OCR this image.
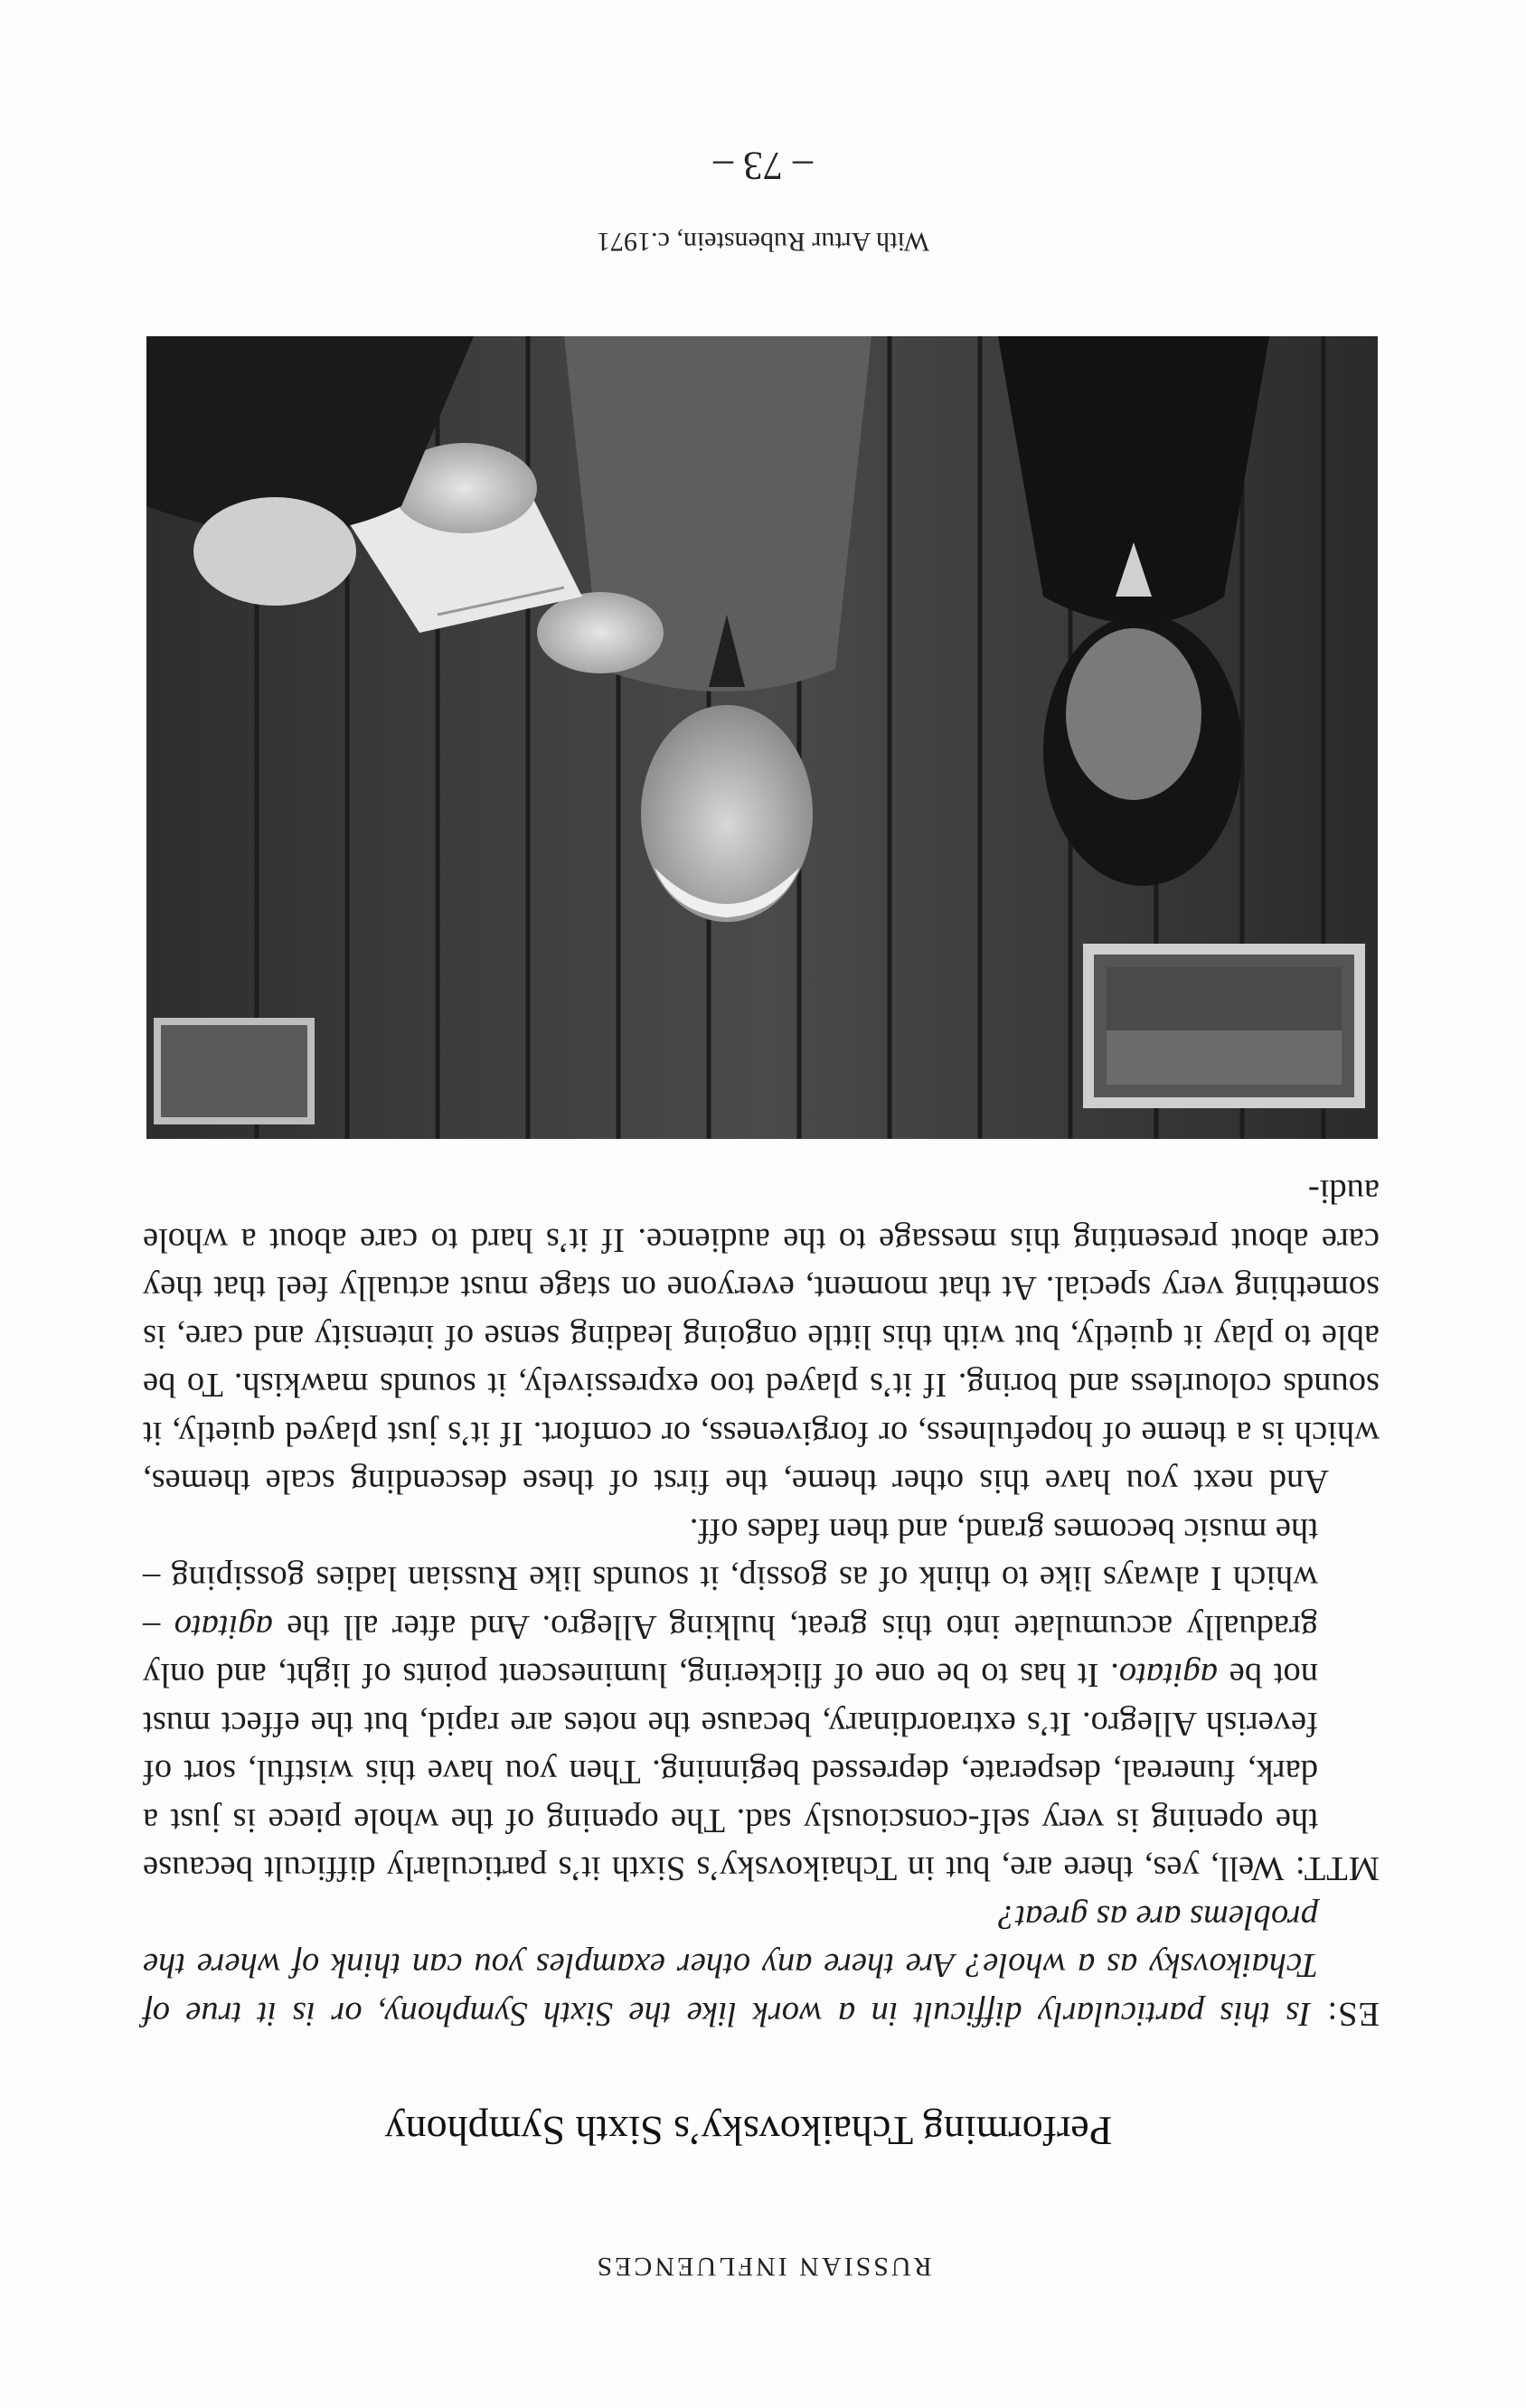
RUSSIAN INFLUENCES
Performing Tchaikovsky’s Sixth Symphony

ES: Is this particularly difficult in a work like the Sixth Symphony, or is it true of Tchaikovsky as a whole? Are there any other examples you can think of where the problems are as great?

MTT: Well, yes, there are, but in Tchaikovsky’s Sixth it’s particularly difficult because the opening is very self-consciously sad. The opening of the whole piece is just a dark, funereal, desperate, depressed beginning. Then you have this wistful, sort of feverish Allegro. It’s extraordinary, because the notes are rapid, but the effect must not be agitato. It has to be one of flickering, luminescent points of light, and only gradually accumulate into this great, hulking Allegro. And after all the agitato – which I always like to think of as gossip, it sounds like Russian ladies gossiping – the music becomes grand, and then fades off.

And next you have this other theme, the first of these descending scale themes, which is a theme of hopefulness, or forgiveness, or comfort. If it’s just played quietly, it sounds colourless and boring. If it’s played too expressively, it sounds mawkish. To be able to play it quietly, but with this little ongoing leading sense of intensity and care, is something very special. At that moment, everyone on stage must actually feel that they care about presenting this message to the audience. If it’s hard to care about a whole audi-

With Artur Rubenstein, c.1971
– 73 –
